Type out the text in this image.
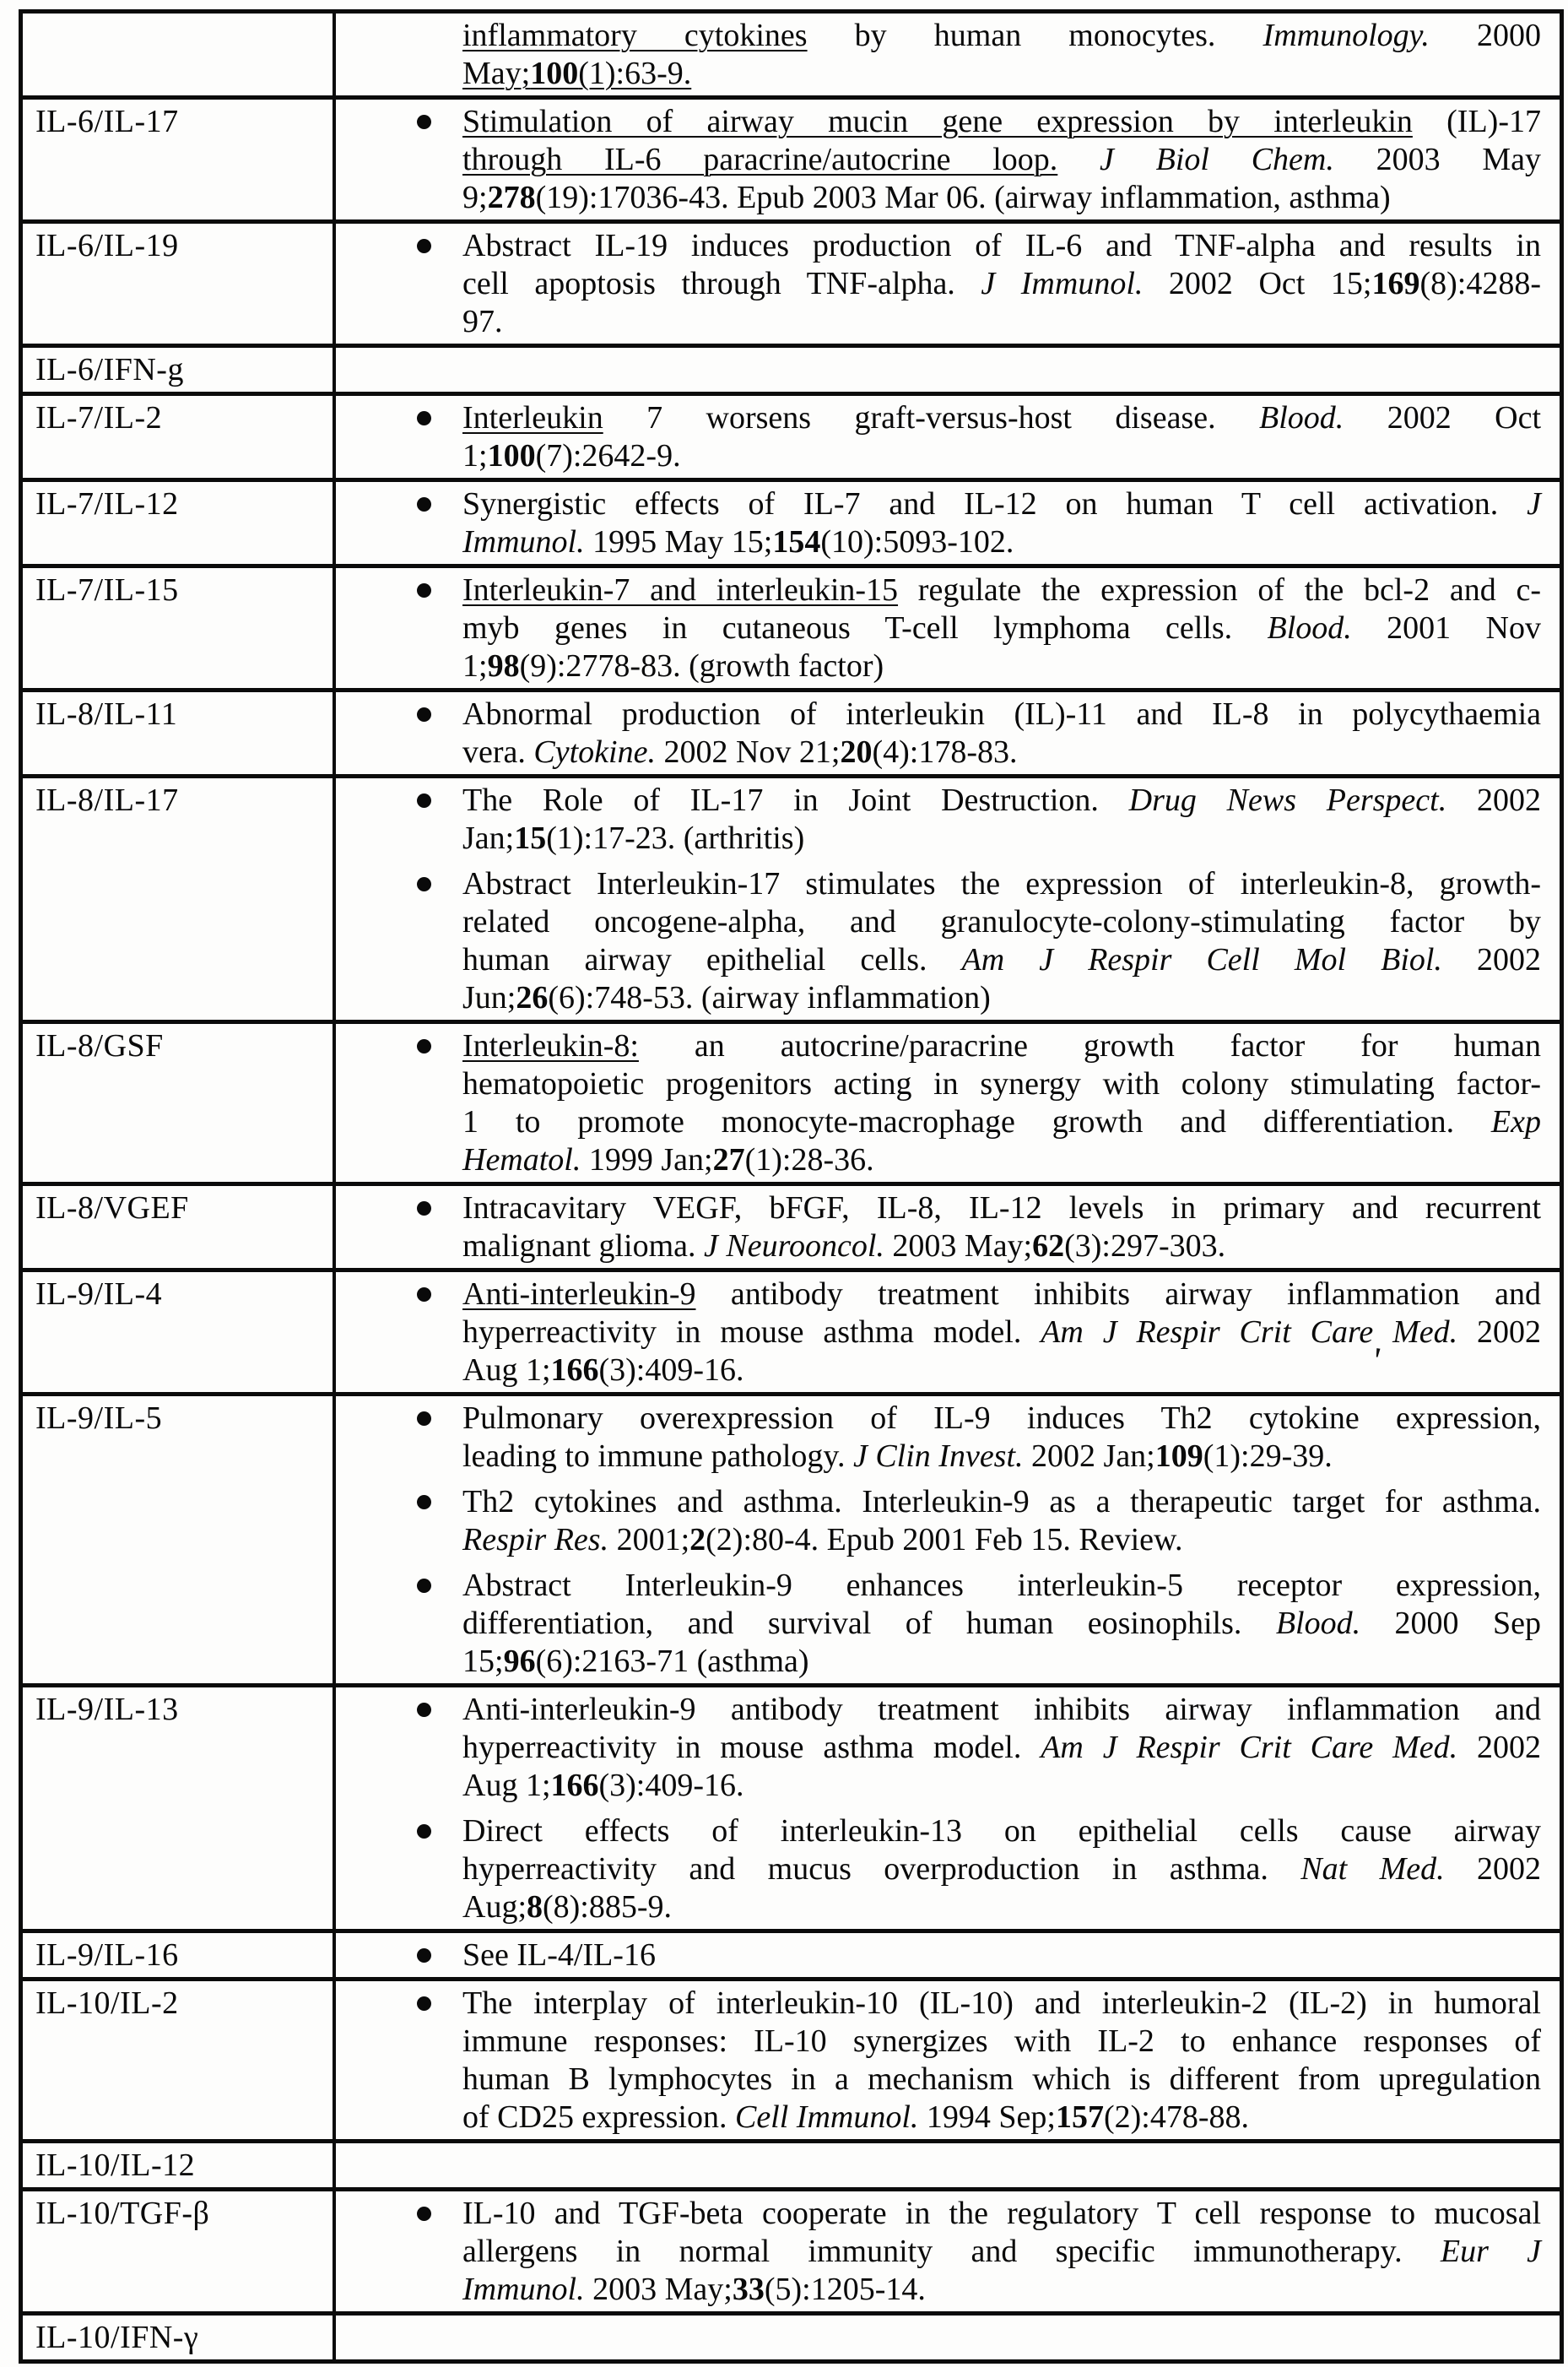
inflammatory cytokines by human monocytes. Immunology. 2000
May;100(1):63-9.
IL-6/IL-17	Stimulation of airway mucin gene expression by interleukin (IL)-17
through IL-6 paracrine/autocrine loop. J Biol Chem. 2003 May
9;278(19):17036-43. Epub 2003 Mar 06. (airway inflammation, asthma)
IL-6/IL-19	Abstract IL-19 induces production of IL-6 and TNF-alpha and results in
cell apoptosis through TNF-alpha. J Immunol. 2002 Oct 15;169(8):4288-
97.
IL-6/IFN-g
IL-7/IL-2	Interleukin 7 worsens graft-versus-host disease. Blood. 2002 Oct
1;100(7):2642-9.
IL-7/IL-12	Synergistic effects of IL-7 and IL-12 on human T cell activation. J
Immunol. 1995 May 15;154(10):5093-102.
IL-7/IL-15	Interleukin-7 and interleukin-15 regulate the expression of the bcl-2 and c-
myb genes in cutaneous T-cell lymphoma cells. Blood. 2001 Nov
1;98(9):2778-83. (growth factor)
IL-8/IL-11	Abnormal production of interleukin (IL)-11 and IL-8 in polycythaemia
vera. Cytokine. 2002 Nov 21;20(4):178-83.
IL-8/IL-17	The Role of IL-17 in Joint Destruction. Drug News Perspect. 2002
Jan;15(1):17-23. (arthritis)
Abstract Interleukin-17 stimulates the expression of interleukin-8, growth-
related oncogene-alpha, and granulocyte-colony-stimulating factor by
human airway epithelial cells. Am J Respir Cell Mol Biol. 2002
Jun;26(6):748-53. (airway inflammation)
IL-8/GSF	Interleukin-8: an autocrine/paracrine growth factor for human
hematopoietic progenitors acting in synergy with colony stimulating factor-
1 to promote monocyte-macrophage growth and differentiation. Exp
Hematol. 1999 Jan;27(1):28-36.
IL-8/VGEF	Intracavitary VEGF, bFGF, IL-8, IL-12 levels in primary and recurrent
malignant glioma. J Neurooncol. 2003 May;62(3):297-303.
IL-9/IL-4	Anti-interleukin-9 antibody treatment inhibits airway inflammation and
hyperreactivity in mouse asthma model. Am J Respir Crit Care Med. 2002
Aug 1;166(3):409-16.
IL-9/IL-5	Pulmonary overexpression of IL-9 induces Th2 cytokine expression,
leading to immune pathology. J Clin Invest. 2002 Jan;109(1):29-39.
Th2 cytokines and asthma. Interleukin-9 as a therapeutic target for asthma.
Respir Res. 2001;2(2):80-4. Epub 2001 Feb 15. Review.
Abstract Interleukin-9 enhances interleukin-5 receptor expression,
differentiation, and survival of human eosinophils. Blood. 2000 Sep
15;96(6):2163-71 (asthma)
IL-9/IL-13	Anti-interleukin-9 antibody treatment inhibits airway inflammation and
hyperreactivity in mouse asthma model. Am J Respir Crit Care Med. 2002
Aug 1;166(3):409-16.
Direct effects of interleukin-13 on epithelial cells cause airway
hyperreactivity and mucus overproduction in asthma. Nat Med. 2002
Aug;8(8):885-9.
IL-9/IL-16	See IL-4/IL-16
IL-10/IL-2	The interplay of interleukin-10 (IL-10) and interleukin-2 (IL-2) in humoral
immune responses: IL-10 synergizes with IL-2 to enhance responses of
human B lymphocytes in a mechanism which is different from upregulation
of CD25 expression. Cell Immunol. 1994 Sep;157(2):478-88.
IL-10/IL-12
IL-10/TGF-β	IL-10 and TGF-beta cooperate in the regulatory T cell response to mucosal
allergens in normal immunity and specific immunotherapy. Eur J
Immunol. 2003 May;33(5):1205-14.
IL-10/IFN-γ
'
